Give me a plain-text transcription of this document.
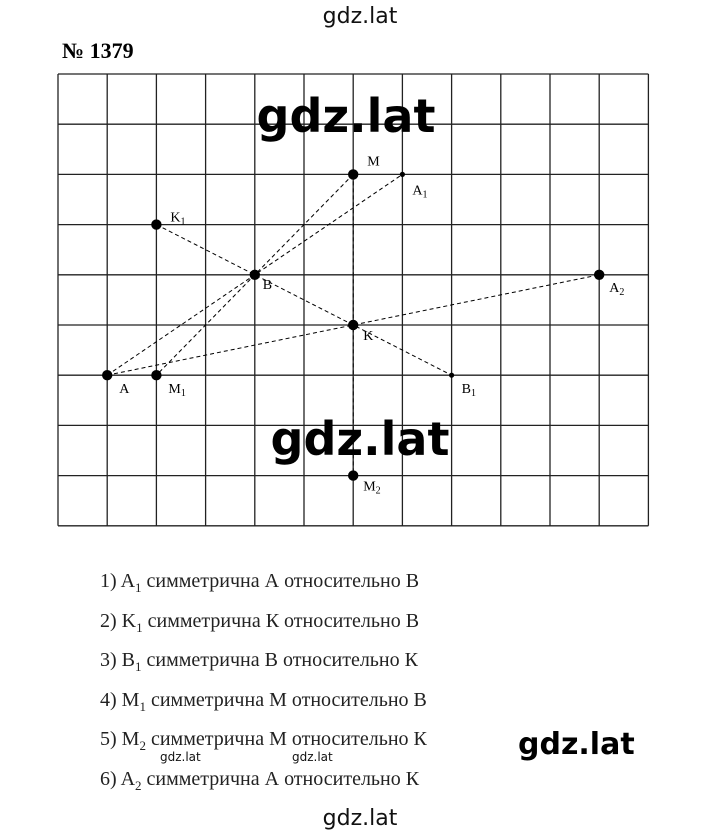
gdz.lat
№ 1379
A	$M_1$
B
$K_1$
M
$A_1$
K
$B_1$
$A_2$
$M_2$
gdz.lat
gdz.lat
1) $A_1$ симметрична А относительно В
2) $K_1$ симметрична К относительно В
3) $B_1$ симметрична В относительно К
4) $M_1$ симметрична М относительно В
5) $M_2$ симметрична М относительно К
6) $A_2$ симметрична А относительно К
gdz.lat
gdz.lat	gdz.lat
gdz.lat
